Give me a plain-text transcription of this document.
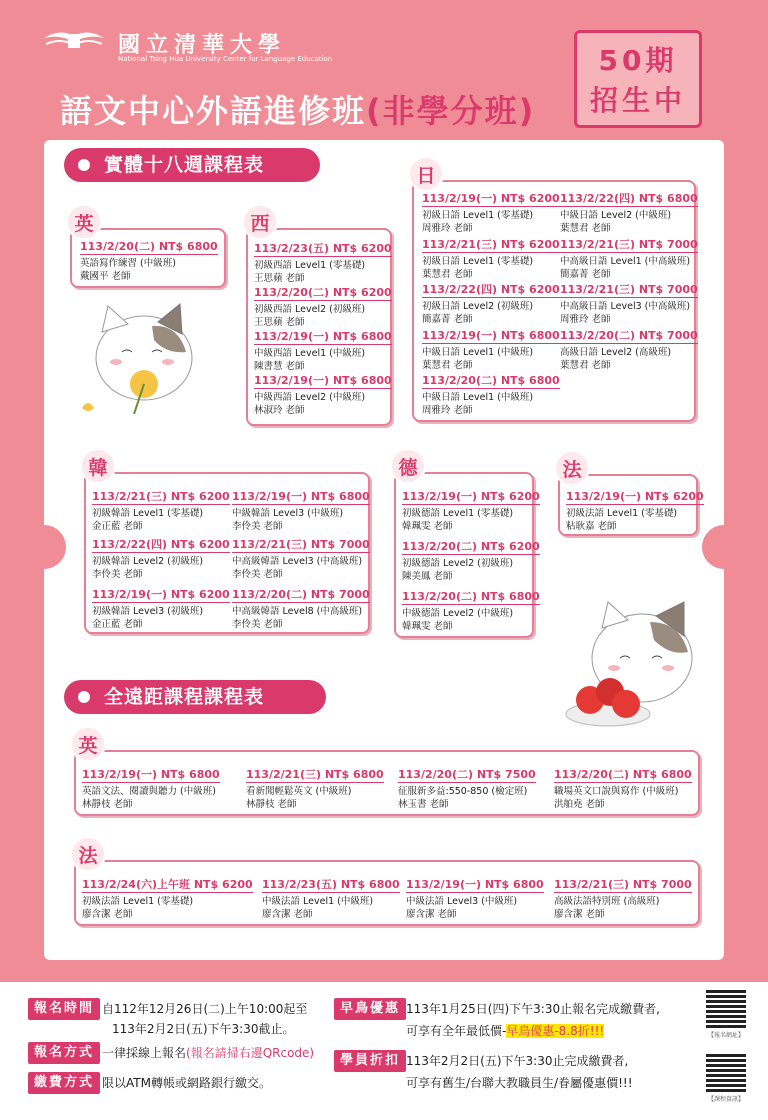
國立清華大學
National Tsing Hua University Center for Language Education
語文中心外語進修班(非學分班)
50期
招生中
實體十八週課程表
全遠距課程課程表
英
113/2/20(二) NT$ 6800
英語寫作練習 (中級班)
戴國平 老師
西
113/2/23(五) NT$ 6200
初級西語 Level1 (零基礎)
王思蘋 老師
113/2/20(二) NT$ 6200
初級西語 Level2 (初級班)
王思蘋 老師
113/2/19(一) NT$ 6800
中級西語 Level1 (中級班)
陳書慧 老師
113/2/19(一) NT$ 6800
中級西語 Level2 (中級班)
林淑玲 老師
日
113/2/19(一) NT$ 6200
初級日語 Level1 (零基礎)
周雅玲 老師
113/2/21(三) NT$ 6200
初級日語 Level1 (零基礎)
葉慧君 老師
113/2/22(四) NT$ 6200
初級日語 Level2 (初級班)
簡嘉菁 老師
113/2/19(一) NT$ 6800
中級日語 Level1 (中級班)
葉慧君 老師
113/2/20(二) NT$ 6800
中級日語 Level1 (中級班)
周雅玲 老師
113/2/22(四) NT$ 6800
中級日語 Level2 (中級班)
葉慧君 老師
113/2/21(三) NT$ 7000
中高級日語 Level1 (中高級班)
簡嘉菁 老師
113/2/21(三) NT$ 7000
中高級日語 Level3 (中高級班)
周雅玲 老師
113/2/20(二) NT$ 7000
高級日語 Level2 (高級班)
葉慧君 老師
韓
113/2/21(三) NT$ 6200
初級韓語 Level1 (零基礎)
金正藍 老師
113/2/22(四) NT$ 6200
初級韓語 Level2 (初級班)
李伶美 老師
113/2/19(一) NT$ 6200
初級韓語 Level3 (初級班)
金正藍 老師
113/2/19(一) NT$ 6800
中級韓語 Level3 (中級班)
李伶美 老師
113/2/21(三) NT$ 7000
中高級韓語 Level3 (中高級班)
李伶美 老師
113/2/20(二) NT$ 7000
中高級韓語 Level8 (中高級班)
李伶美 老師
德
113/2/19(一) NT$ 6200
初級德語 Level1 (零基礎)
韓珮雯 老師
113/2/20(二) NT$ 6200
初級德語 Level2 (初級班)
陳美鳳 老師
113/2/20(二) NT$ 6800
中級德語 Level2 (中級班)
韓珮雯 老師
法
113/2/19(一) NT$ 6200
初級法語 Level1 (零基礎)
粘耿嘉 老師
英
113/2/19(一) NT$ 6800
英語文法、閱讀與聽力 (中級班)
林靜枝 老師
113/2/21(三) NT$ 6800
看新聞輕鬆英文 (中級班)
林靜枝 老師
113/2/20(二) NT$ 7500
征服新多益:550-850 (檢定班)
林玉書 老師
113/2/20(二) NT$ 6800
職場英文口說與寫作 (中級班)
洪舶堯 老師
法
113/2/24(六)上午班 NT$ 6200
初級法語 Level1 (零基礎)
廖含潔 老師
113/2/23(五) NT$ 6800
中級法語 Level1 (中級班)
廖含潔 老師
113/2/19(一) NT$ 6800
中級法語 Level3 (中級班)
廖含潔 老師
113/2/21(三) NT$ 7000
高級法語特別班 (高級班)
廖含潔 老師
報名時間 自112年12月26日(二)上午10:00起至
113年2月2日(五)下午3:30截止。
報名方式 一律採線上報名(報名請掃右邊QRcode)
繳費方式 限以ATM轉帳或網路銀行繳交。
早鳥優惠 113年1月25日(四)下午3:30止報名完成繳費者,
可享有全年最低價-早鳥優惠-8.8折!!!
學員折扣 113年2月2日(五)下午3:30止完成繳費者,
可享有舊生/台聯大教職員生/眷屬優惠價!!!
【報名網址】
【課程資訊】
